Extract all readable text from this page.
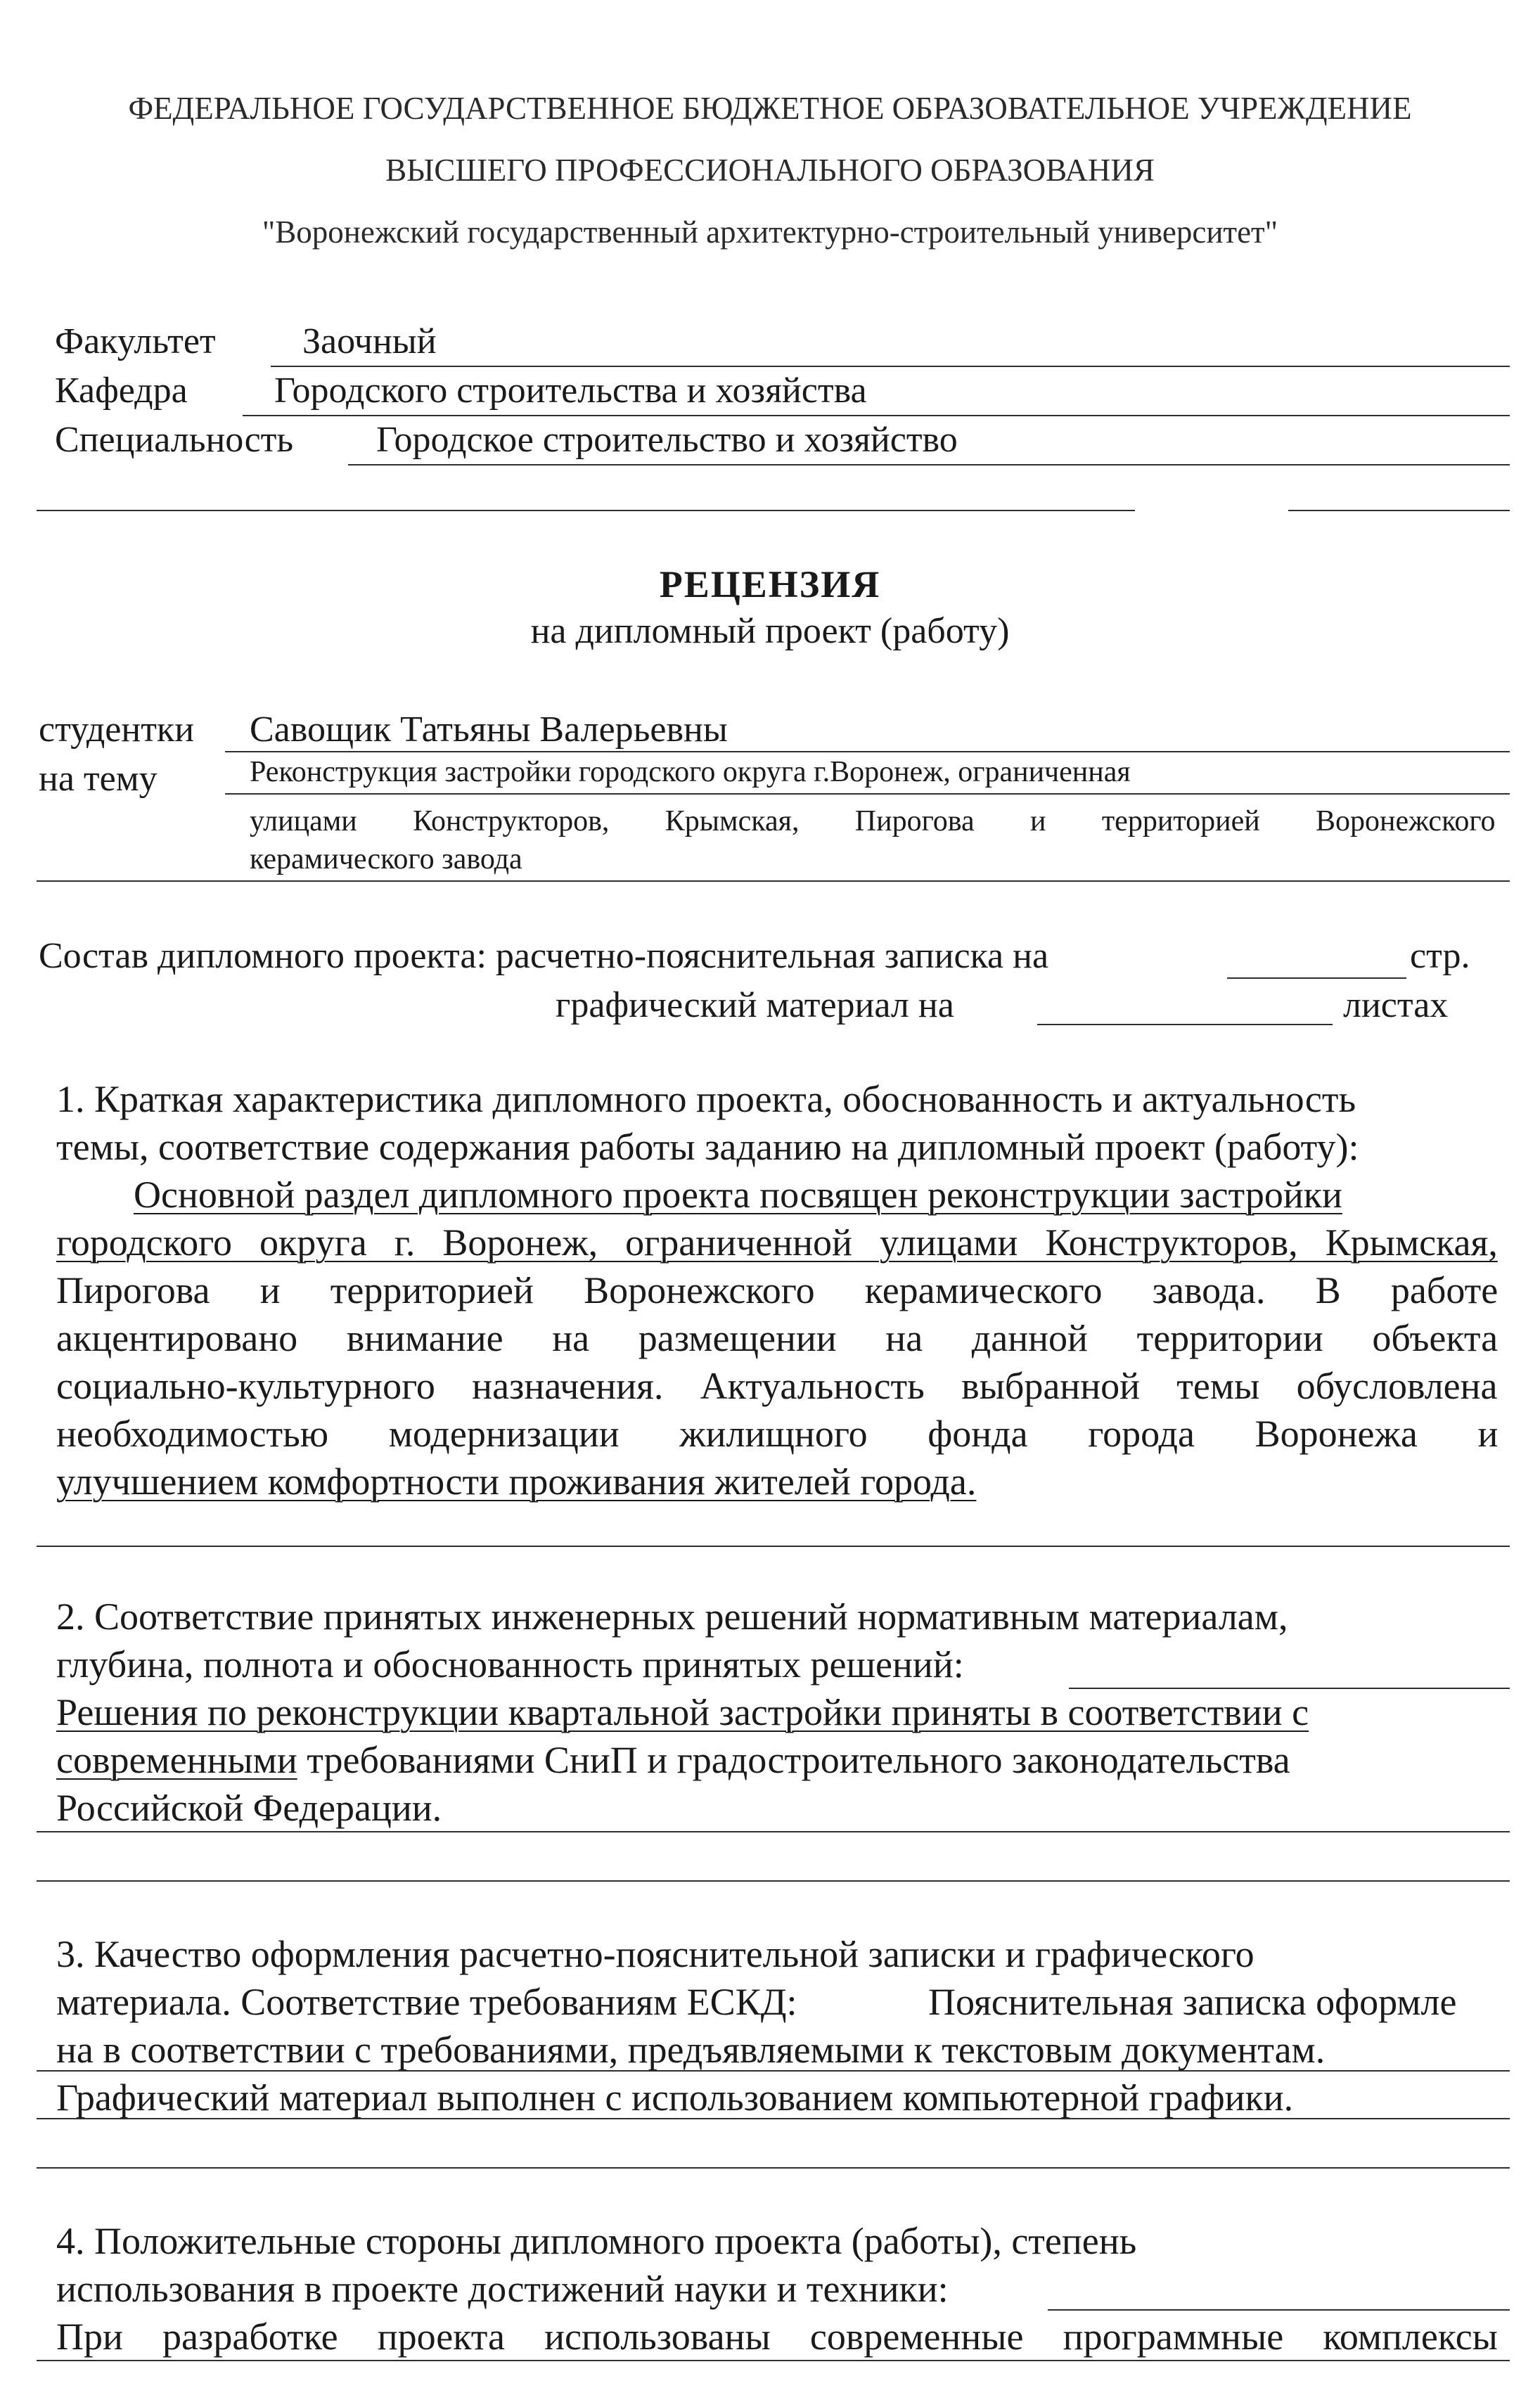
ФЕДЕРАЛЬНОЕ ГОСУДАРСТВЕННОЕ БЮДЖЕТНОЕ ОБРАЗОВАТЕЛЬНОЕ УЧРЕЖДЕНИЕ
ВЫСШЕГО ПРОФЕССИОНАЛЬНОГО ОБРАЗОВАНИЯ
"Воронежский государственный архитектурно-строительный университет"
Факультет Заочный
Кафедра Городского строительства и хозяйства
Специальность Городское строительство и хозяйство
РЕЦЕНЗИЯ
на дипломный проект (работу)
студентки Савощик Татьяны Валерьевны
на тему	Реконструкция застройки городского округа г.Воронеж, ограниченная
улицами Конструкторов, Крымская, Пирогова и территорией Воронежского
керамического завода
Состав дипломного проекта: расчетно-пояснительная записка на	стр.
графический материал на	листах
1. Краткая характеристика дипломного проекта, обоснованность и актуальность
темы, соответствие содержания работы заданию на дипломный проект (работу):
Основной раздел дипломного проекта посвящен реконструкции застройки
городского округа г. Воронеж, ограниченной улицами Конструкторов, Крымская,
Пирогова и территорией Воронежского керамического завода. В работе
акцентировано внимание на размещении на данной территории объекта
социально-культурного назначения. Актуальность выбранной темы обусловлена
необходимостью модернизации жилищного фонда города Воронежа и
улучшением комфортности проживания жителей города.
2. Соответствие принятых инженерных решений нормативным материалам,
глубина, полнота и обоснованность принятых решений:
Решения по реконструкции квартальной застройки приняты в соответствии с
современными требованиями СниП и градостроительного законодательства
Российской Федерации.
3. Качество оформления расчетно-пояснительной записки и графического
материала. Соответствие требованиям ЕСКД:	Пояснительная записка оформле
на в соответствии с требованиями, предъявляемыми к текстовым документам.
Графический материал выполнен с использованием компьютерной графики.
4. Положительные стороны дипломного проекта (работы), степень
использования в проекте достижений науки и техники:
При разработке проекта использованы современные программные комплексы
